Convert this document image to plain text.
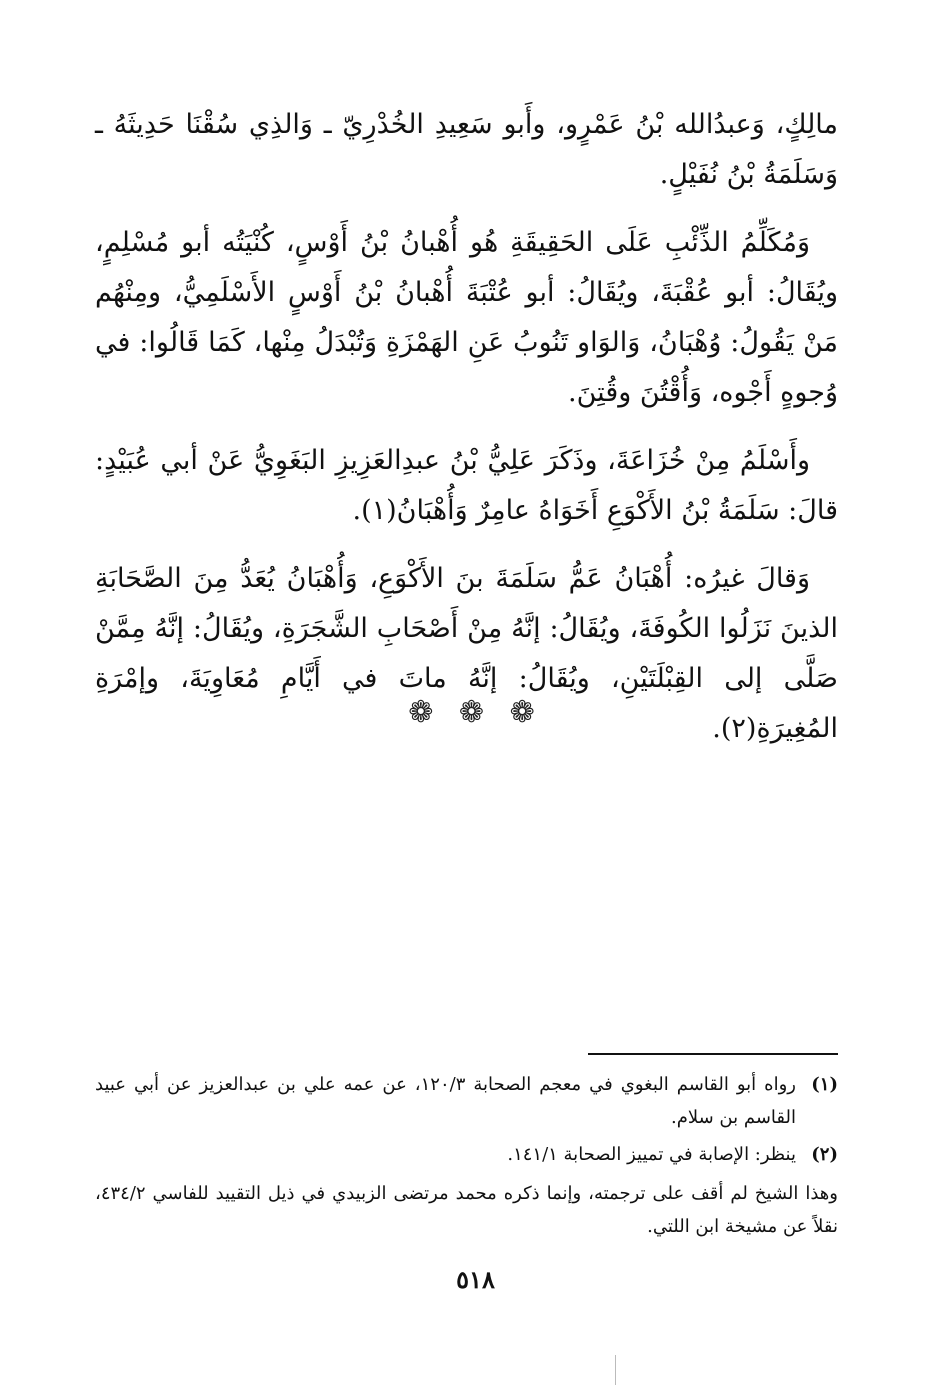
مالِكٍ، وَعبدُالله بْنُ عَمْرٍو، وأَبو سَعِيدِ الخُدْرِيّ ـ وَالذِي سُقْنَا حَدِيثَهُ ـ وَسَلَمَةُ بْنُ نُفَيْلٍ.

وَمُكَلِّمُ الذِّئْبِ عَلَى الحَقِيقَةِ هُو أُهْبانُ بْنُ أَوْسٍ، كُنْيَتُه أبو مُسْلِمٍ، ويُقَالُ: أبو عُقْبَةَ، ويُقَالُ: أبو عُتْبَةَ أُهْبانُ بْنُ أَوْسٍ الأَسْلَمِيُّ، ومِنْهُم مَنْ يَقُولُ: وُهْبَانُ، وَالوَاو تَنُوبُ عَنِ الهَمْزَةِ وَتُبْدَلُ مِنْها، كَمَا قَالُوا: في وُجوهٍ أَجْوه، وَأُقْتُنَ وقُتِنَ.

وأَسْلَمُ مِنْ خُزَاعَةَ، وذَكَرَ عَلِيُّ بْنُ عبدِالعَزِيزِ البَغَوِيُّ عَنْ أبي عُبَيْدٍ: قالَ: سَلَمَةُ بْنُ الأَكْوَعِ أَخَوَاهُ عامِرٌ وَأُهْبَانُ(١).

وَقالَ غيرُه: أُهْبَانُ عَمُّ سَلَمَةَ بنَ الأَكْوَعِ، وَأُهْبَانُ يُعَدُّ مِنَ الصَّحَابَةِ الذينَ نَزَلُوا الكُوفَةَ، ويُقَالُ: إنَّهُ مِنْ أَصْحَابِ الشَّجَرَةِ، ويُقَالُ: إنَّهُ مِمَّنْ صَلَّى إلى القِبْلَتَيْنِ، ويُقَالُ: إنَّهُ ماتَ في أَيَّامِ مُعَاوِيَةَ، وإمْرَةِ المُغِيرَةِ(٢).

❁ ❁ ❁
(١)
رواه أبو القاسم البغوي في معجم الصحابة ١٢٠/٣، عن عمه علي بن عبدالعزيز عن أبي عبيد القاسم بن سلام.
(٢)
ينظر: الإصابة في تمييز الصحابة ١٤١/١.
وهذا الشيخ لم أقف على ترجمته، وإنما ذكره محمد مرتضى الزبيدي في ذيل التقييد للفاسي ٤٣٤/٢، نقلاً عن مشيخة ابن اللتي.
٥١٨
